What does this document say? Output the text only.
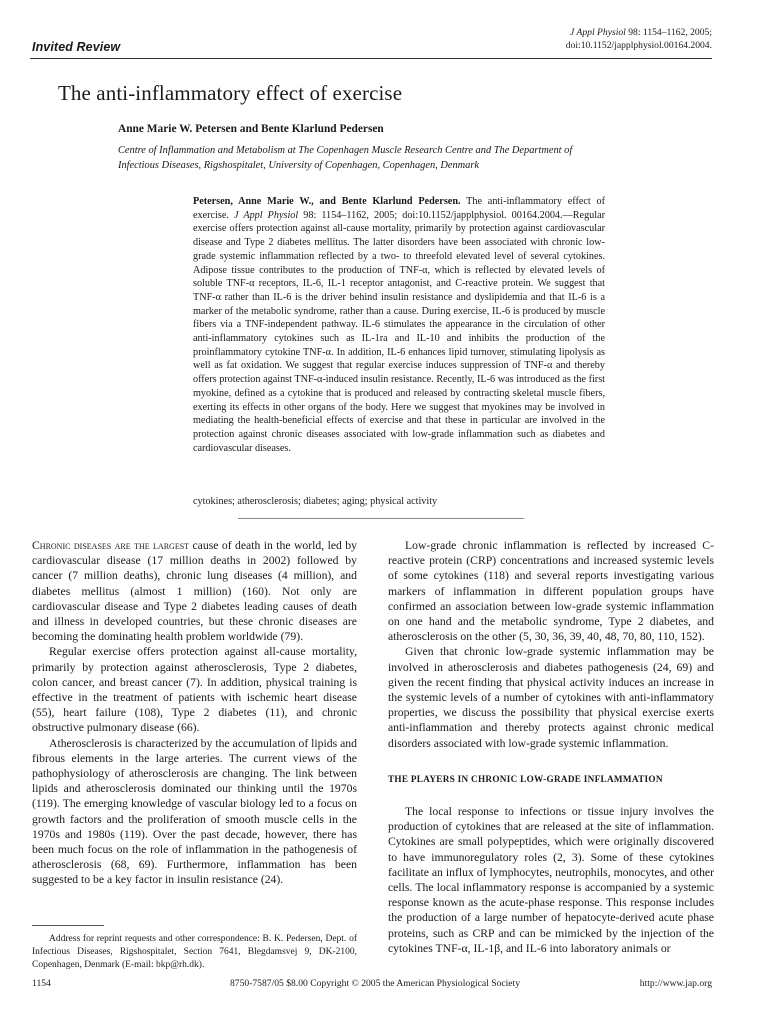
Invited Review
J Appl Physiol 98: 1154–1162, 2005;
doi:10.1152/japplphysiol.00164.2004.
The anti-inflammatory effect of exercise
Anne Marie W. Petersen and Bente Klarlund Pedersen
Centre of Inflammation and Metabolism at The Copenhagen Muscle Research Centre and The Department of Infectious Diseases, Rigshospitalet, University of Copenhagen, Copenhagen, Denmark
Petersen, Anne Marie W., and Bente Klarlund Pedersen. The anti-inflammatory effect of exercise. J Appl Physiol 98: 1154–1162, 2005; doi:10.1152/japplphysiol. 00164.2004.—Regular exercise offers protection against all-cause mortality, primarily by protection against cardiovascular disease and Type 2 diabetes mellitus. The latter disorders have been associated with chronic low-grade systemic inflammation reflected by a two- to threefold elevated level of several cytokines. Adipose tissue contributes to the production of TNF-α, which is reflected by elevated levels of soluble TNF-α receptors, IL-6, IL-1 receptor antagonist, and C-reactive protein. We suggest that TNF-α rather than IL-6 is the driver behind insulin resistance and dyslipidemia and that IL-6 is a marker of the metabolic syndrome, rather than a cause. During exercise, IL-6 is produced by muscle fibers via a TNF-independent pathway. IL-6 stimulates the appearance in the circulation of other anti-inflammatory cytokines such as IL-1ra and IL-10 and inhibits the production of the proinflammatory cytokine TNF-α. In addition, IL-6 enhances lipid turnover, stimulating lipolysis as well as fat oxidation. We suggest that regular exercise induces suppression of TNF-α and thereby offers protection against TNF-α-induced insulin resistance. Recently, IL-6 was introduced as the first myokine, defined as a cytokine that is produced and released by contracting skeletal muscle fibers, exerting its effects in other organs of the body. Here we suggest that myokines may be involved in mediating the health-beneficial effects of exercise and that these in particular are involved in the protection against chronic diseases associated with low-grade inflammation such as diabetes and cardiovascular diseases.
cytokines; atherosclerosis; diabetes; aging; physical activity

Chronic diseases are the largest cause of death in the world, led by cardiovascular disease (17 million deaths in 2002) followed by cancer (7 million deaths), chronic lung diseases (4 million), and diabetes mellitus (almost 1 million) (160). Not only are cardiovascular disease and Type 2 diabetes leading causes of death and illness in developed countries, but these chronic diseases are becoming the dominating health problem worldwide (79).

Regular exercise offers protection against all-cause mortality, primarily by protection against atherosclerosis, Type 2 diabetes, colon cancer, and breast cancer (7). In addition, physical training is effective in the treatment of patients with ischemic heart disease (55), heart failure (108), Type 2 diabetes (11), and chronic obstructive pulmonary disease (66).

Atherosclerosis is characterized by the accumulation of lipids and fibrous elements in the large arteries. The current views of the pathophysiology of atherosclerosis are changing. The link between lipids and atherosclerosis dominated our thinking until the 1970s (119). The emerging knowledge of vascular biology led to a focus on growth factors and the proliferation of smooth muscle cells in the 1970s and 1980s (119). Over the past decade, however, there has been much focus on the role of inflammation in the pathogenesis of atherosclerosis (68, 69). Furthermore, inflammation has been suggested to be a key factor in insulin resistance (24).

Low-grade chronic inflammation is reflected by increased C-reactive protein (CRP) concentrations and increased systemic levels of some cytokines (118) and several reports investigating various markers of inflammation in different population groups have confirmed an association between low-grade systemic inflammation on one hand and the metabolic syndrome, Type 2 diabetes, and atherosclerosis on the other (5, 30, 36, 39, 40, 48, 70, 80, 110, 152).

Given that chronic low-grade systemic inflammation may be involved in atherosclerosis and diabetes pathogenesis (24, 69) and given the recent finding that physical activity induces an increase in the systemic levels of a number of cytokines with anti-inflammatory properties, we discuss the possibility that physical exercise exerts anti-inflammation and thereby protects against chronic medical disorders associated with low-grade systemic inflammation.

THE PLAYERS IN CHRONIC LOW-GRADE INFLAMMATION

The local response to infections or tissue injury involves the production of cytokines that are released at the site of inflammation. Cytokines are small polypeptides, which were originally discovered to have immunoregulatory roles (2, 3). Some of these cytokines facilitate an influx of lymphocytes, neutrophils, monocytes, and other cells. The local inflammatory response is accompanied by a systemic response known as the acute-phase response. This response includes the production of a large number of hepatocyte-derived acute phase proteins, such as CRP and can be mimicked by the injection of the cytokines TNF-α, IL-1β, and IL-6 into laboratory animals or

Address for reprint requests and other correspondence: B. K. Pedersen, Dept. of Infectious Diseases, Rigshospitalet, Section 7641, Blegdamsvej 9, DK-2100, Copenhagen, Denmark (E-mail: bkp@rh.dk).
1154	8750-7587/05 $8.00 Copyright © 2005 the American Physiological Society	http://www.jap.org
